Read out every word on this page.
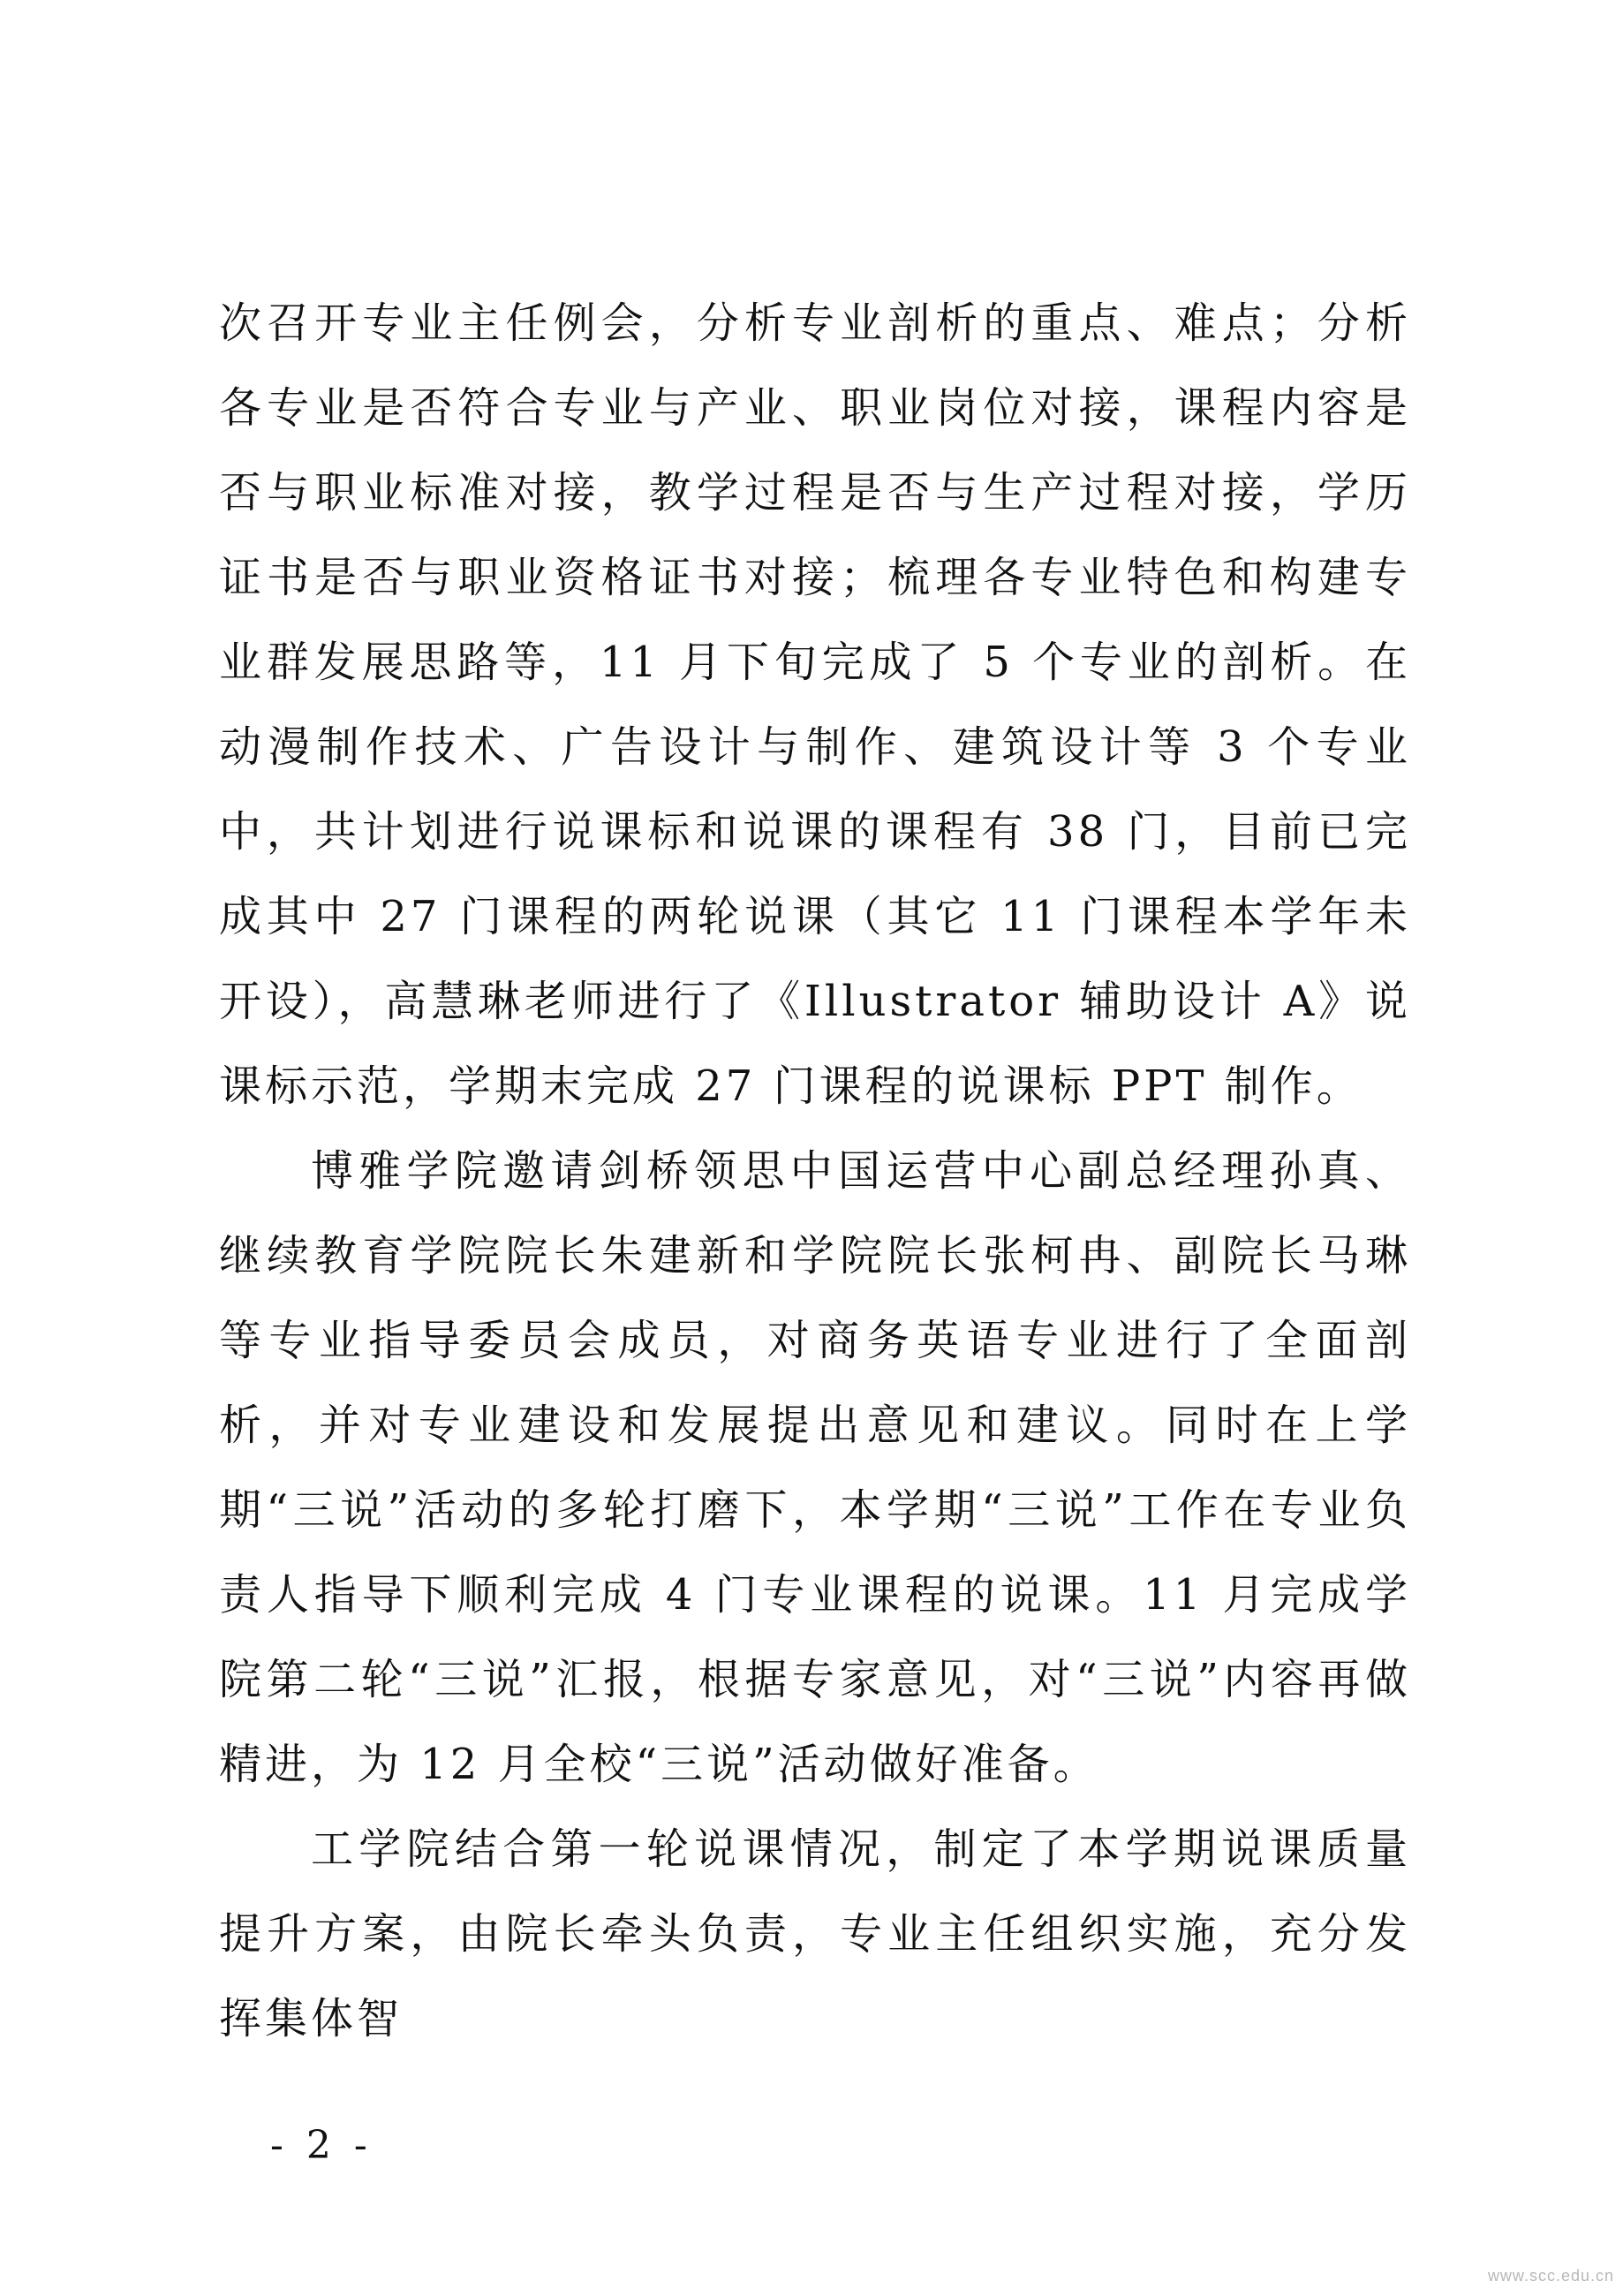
次召开专业主任例会，分析专业剖析的重点、难点；分析各专业是否符合专业与产业、职业岗位对接，课程内容是否与职业标准对接，教学过程是否与生产过程对接，学历证书是否与职业资格证书对接；梳理各专业特色和构建专业群发展思路等，11 月下旬完成了 5 个专业的剖析。在动漫制作技术、广告设计与制作、建筑设计等 3 个专业中，共计划进行说课标和说课的课程有 38 门，目前已完成其中 27 门课程的两轮说课（其它 11 门课程本学年未开设），高慧琳老师进行了《Illustrator 辅助设计 A》说课标示范，学期末完成 27 门课程的说课标 PPT 制作。

博雅学院邀请剑桥领思中国运营中心副总经理孙真、继续教育学院院长朱建新和学院院长张柯冉、副院长马琳等专业指导委员会成员，对商务英语专业进行了全面剖析，并对专业建设和发展提出意见和建议。同时在上学期“三说”活动的多轮打磨下，本学期“三说”工作在专业负责人指导下顺利完成 4 门专业课程的说课。11 月完成学院第二轮“三说”汇报，根据专家意见，对“三说”内容再做精进，为 12 月全校“三说”活动做好准备。

工学院结合第一轮说课情况，制定了本学期说课质量提升方案，由院长牵头负责，专业主任组织实施，充分发挥集体智

- 2 -
www.scc.edu.cn
